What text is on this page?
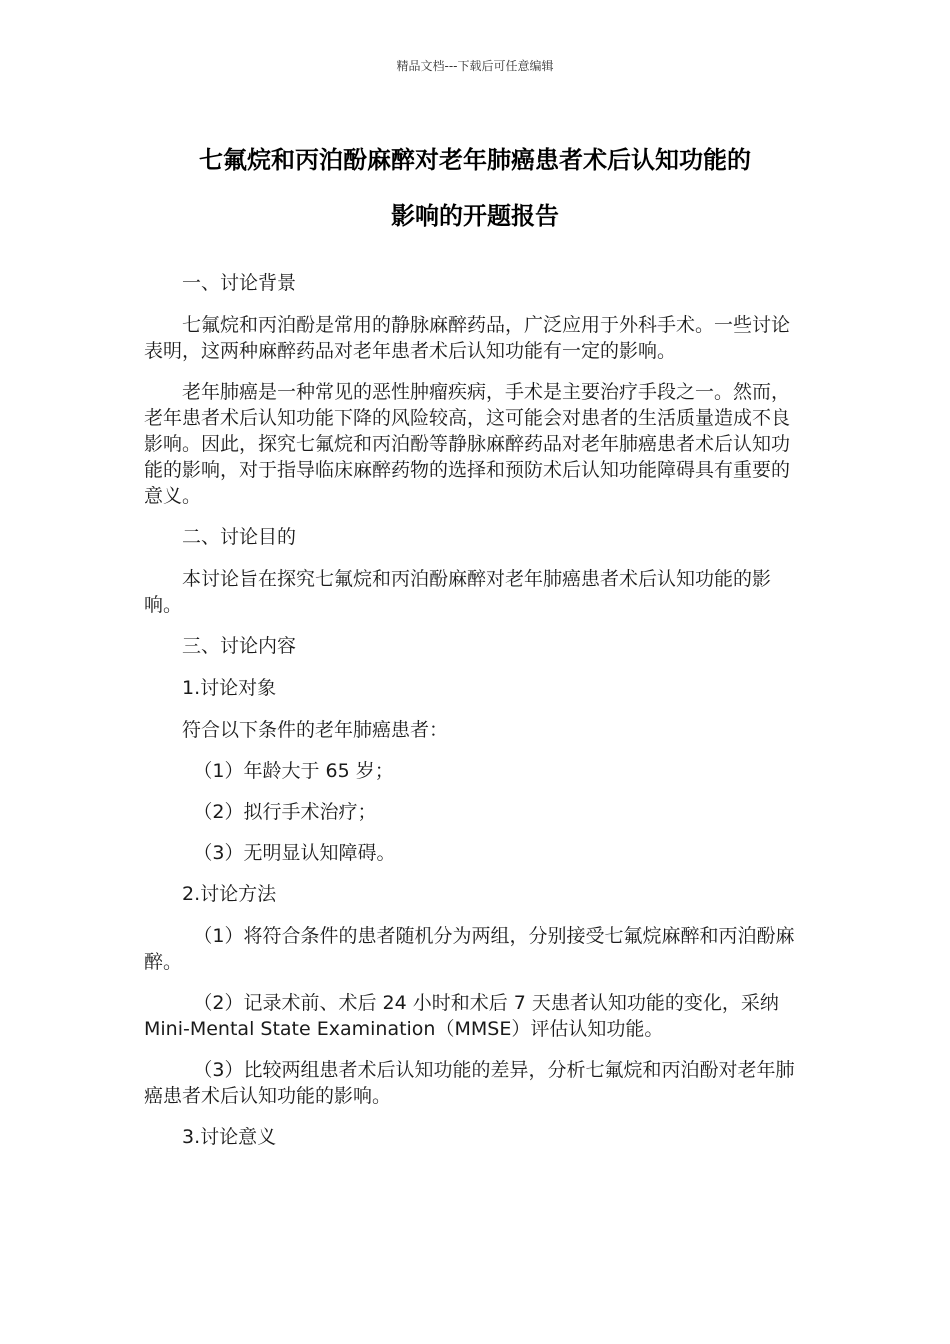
精品文档---下载后可任意编辑
七氟烷和丙泊酚麻醉对老年肺癌患者术后认知功能的
影响的开题报告

一、讨论背景

七氟烷和丙泊酚是常用的静脉麻醉药品，广泛应用于外科手术。一些讨论表明，这两种麻醉药品对老年患者术后认知功能有一定的影响。

老年肺癌是一种常见的恶性肿瘤疾病，手术是主要治疗手段之一。然而，老年患者术后认知功能下降的风险较高，这可能会对患者的生活质量造成不良影响。因此，探究七氟烷和丙泊酚等静脉麻醉药品对老年肺癌患者术后认知功能的影响，对于指导临床麻醉药物的选择和预防术后认知功能障碍具有重要的意义。

二、讨论目的

本讨论旨在探究七氟烷和丙泊酚麻醉对老年肺癌患者术后认知功能的影响。

三、讨论内容

1.讨论对象

符合以下条件的老年肺癌患者：

（1）年龄大于 65 岁；

（2）拟行手术治疗；

（3）无明显认知障碍。

2.讨论方法

（1）将符合条件的患者随机分为两组，分别接受七氟烷麻醉和丙泊酚麻醉。

（2）记录术前、术后 24 小时和术后 7 天患者认知功能的变化，采纳 Mini-Mental State Examination（MMSE）评估认知功能。

（3）比较两组患者术后认知功能的差异，分析七氟烷和丙泊酚对老年肺癌患者术后认知功能的影响。

3.讨论意义
